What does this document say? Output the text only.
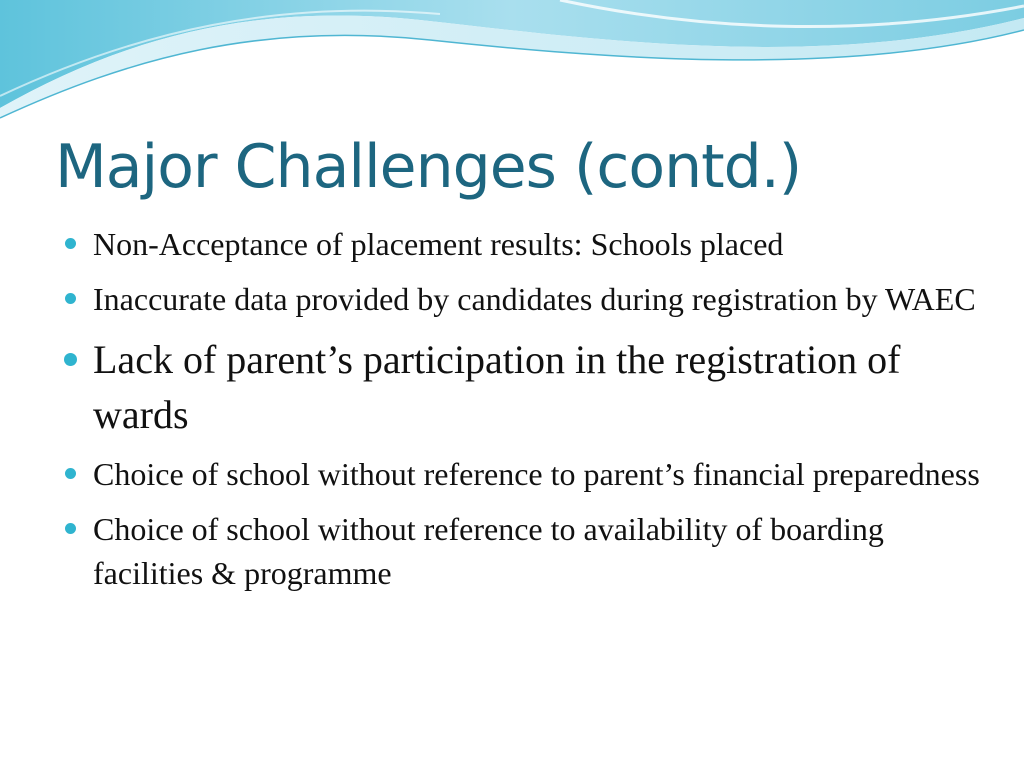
Major Challenges (contd.)
Non-Acceptance of placement results: Schools placed
Inaccurate data provided by candidates during registration by WAEC
Lack of parent’s participation in the registration of wards
Choice of school without reference to parent’s financial preparedness
Choice of school without reference to availability of boarding facilities & programme
